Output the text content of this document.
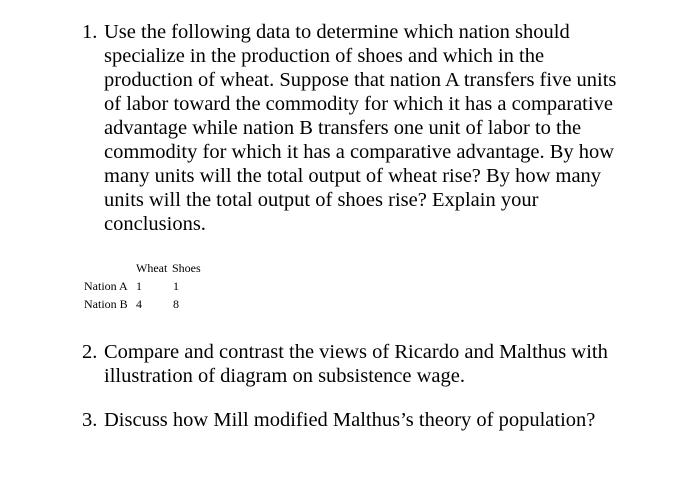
1. Use the following data to determine which nation should specialize in the production of shoes and which in the production of wheat. Suppose that nation A transfers five units of labor toward the commodity for which it has a comparative advantage while nation B transfers one unit of labor to the commodity for which it has a comparative advantage. By how many units will the total output of wheat rise? By how many units will the total output of shoes rise? Explain your conclusions.
Wheat Shoes
Nation A 1	1
Nation B 4	8
2. Compare and contrast the views of Ricardo and Malthus with illustration of diagram on subsistence wage.
3. Discuss how Mill modified Malthus’s theory of population?
